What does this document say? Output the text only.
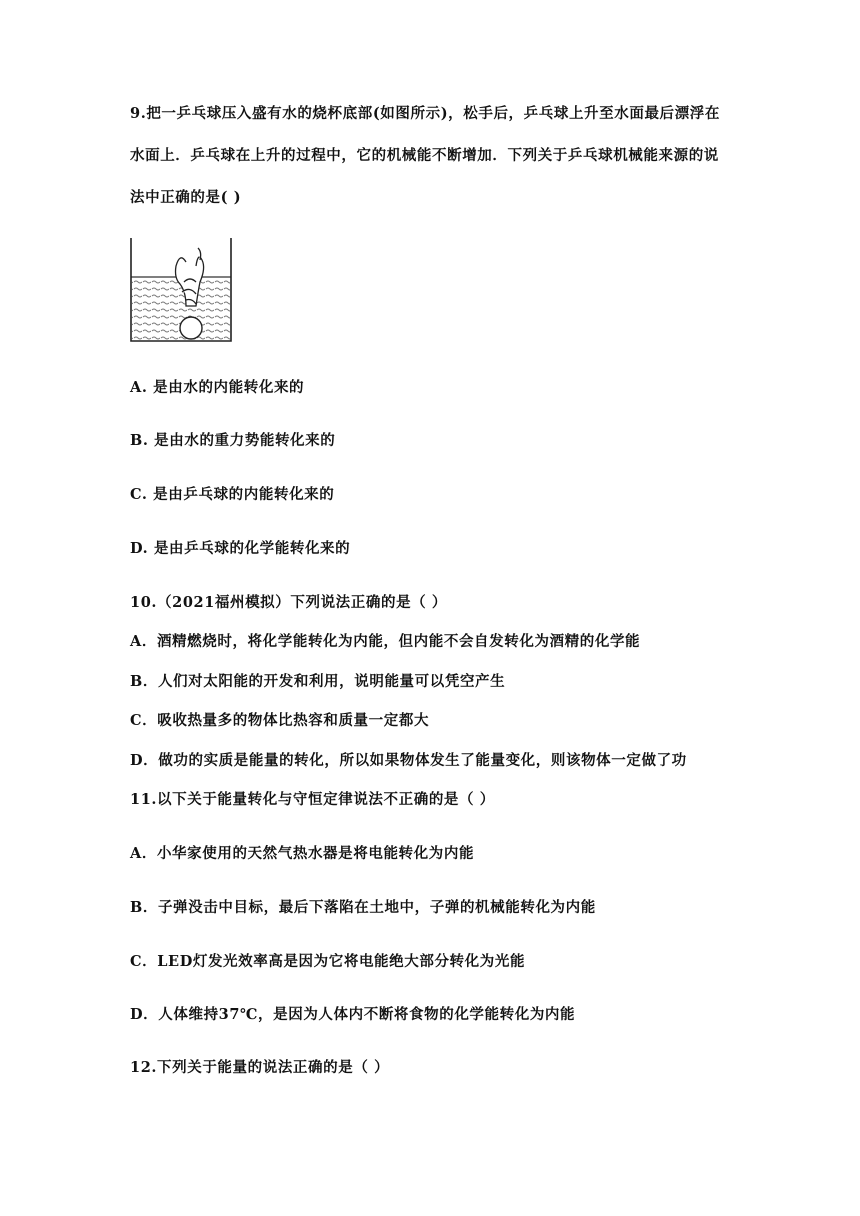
9.把一乒乓球压入盛有水的烧杯底部(如图所示)，松手后，乒乓球上升至水面最后漂浮在

水面上．乒乓球在上升的过程中，它的机械能不断增加．下列关于乒乓球机械能来源的说

法中正确的是( )

A. 是由水的内能转化来的

B. 是由水的重力势能转化来的

C. 是由乒乓球的内能转化来的

D. 是由乒乓球的化学能转化来的

10.（2021福州模拟）下列说法正确的是（ ）

A．酒精燃烧时，将化学能转化为内能，但内能不会自发转化为酒精的化学能

B．人们对太阳能的开发和利用，说明能量可以凭空产生

C．吸收热量多的物体比热容和质量一定都大

D．做功的实质是能量的转化，所以如果物体发生了能量变化，则该物体一定做了功

11.以下关于能量转化与守恒定律说法不正确的是（ ）

A．小华家使用的天然气热水器是将电能转化为内能

B．子弹没击中目标，最后下落陷在土地中，子弹的机械能转化为内能

C．LED灯发光效率高是因为它将电能绝大部分转化为光能

D．人体维持37℃，是因为人体内不断将食物的化学能转化为内能

12.下列关于能量的说法正确的是（ ）
